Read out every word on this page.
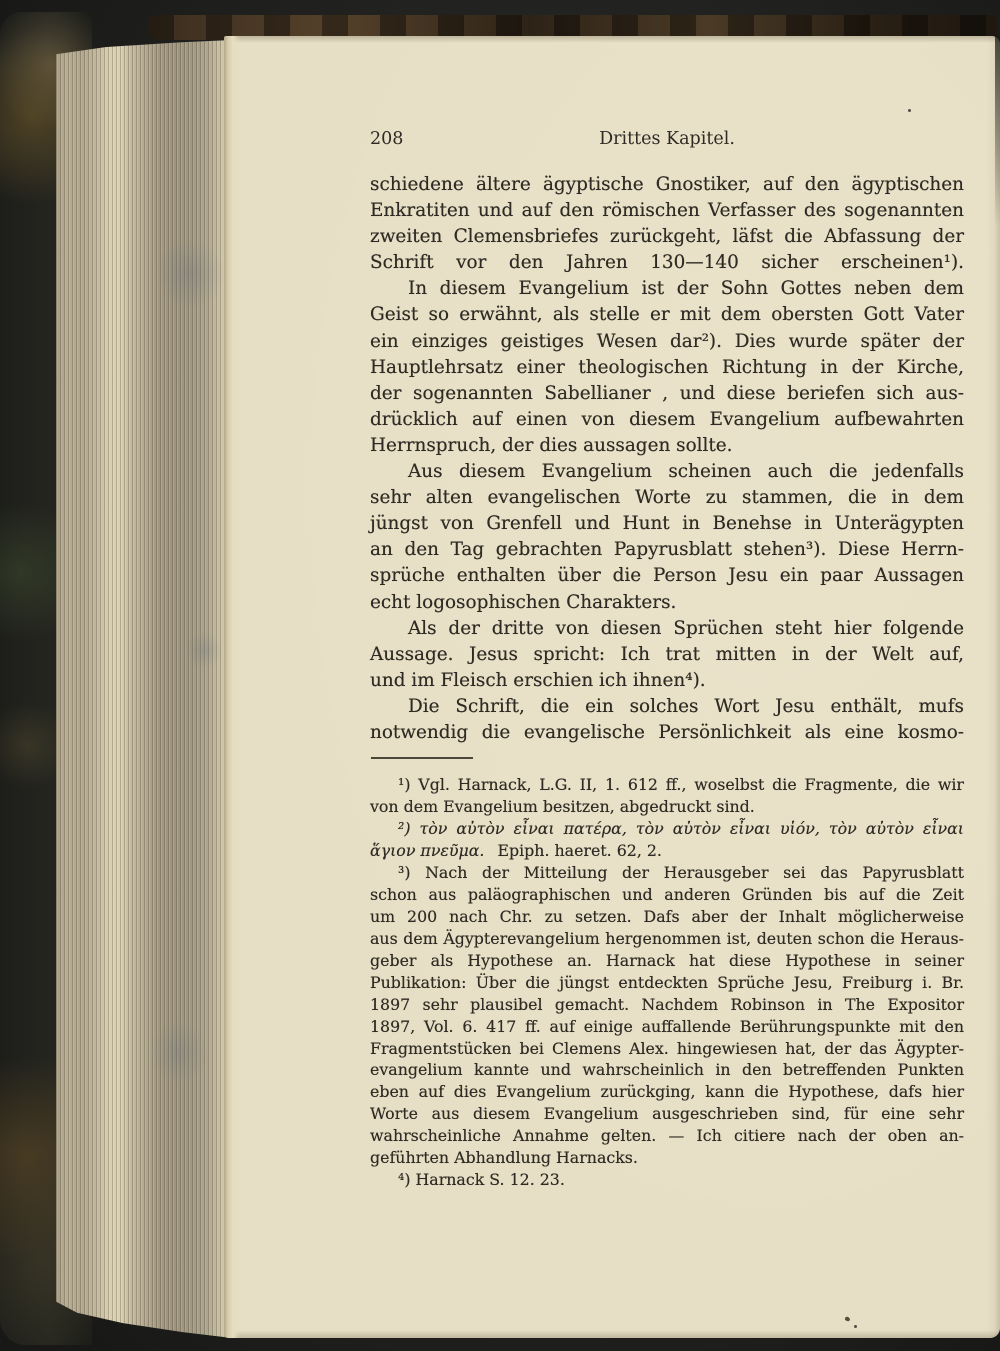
208	Drittes Kapitel.
schiedene ältere ägyptische Gnostiker, auf den ägyptischen
Enkratiten und auf den römischen Verfasser des sogenannten
zweiten Clemensbriefes zurückgeht, läfst die Abfassung der
Schrift vor den Jahren 130—140 sicher erscheinen¹).
In diesem Evangelium ist der Sohn Gottes neben dem
Geist so erwähnt, als stelle er mit dem obersten Gott Vater
ein einziges geistiges Wesen dar²). Dies wurde später der
Hauptlehrsatz einer theologischen Richtung in der Kirche,
der sogenannten Sabellianer , und diese beriefen sich aus-
drücklich auf einen von diesem Evangelium aufbewahrten
Herrnspruch, der dies aussagen sollte.
Aus diesem Evangelium scheinen auch die jedenfalls
sehr alten evangelischen Worte zu stammen, die in dem
jüngst von Grenfell und Hunt in Benehse in Unterägypten
an den Tag gebrachten Papyrusblatt stehen³). Diese Herrn-
sprüche enthalten über die Person Jesu ein paar Aussagen
echt logosophischen Charakters.
Als der dritte von diesen Sprüchen steht hier folgende
Aussage. Jesus spricht: Ich trat mitten in der Welt auf,
und im Fleisch erschien ich ihnen⁴).
Die Schrift, die ein solches Wort Jesu enthält, mufs
notwendig die evangelische Persönlichkeit als eine kosmo-
¹) Vgl. Harnack, L.G. II, 1. 612 ff., woselbst die Fragmente, die wir
von dem Evangelium besitzen, abgedruckt sind.
²) τὸν αὐτὸν εἶναι πατέρα, τὸν αὐτὸν εἶναι υἱόν, τὸν αὐτὸν εἶναι
ἅγιον πνεῦμα. Epiph. haeret. 62, 2.
³) Nach der Mitteilung der Herausgeber sei das Papyrusblatt
schon aus paläographischen und anderen Gründen bis auf die Zeit
um 200 nach Chr. zu setzen. Dafs aber der Inhalt möglicherweise
aus dem Ägypterevangelium hergenommen ist, deuten schon die Heraus-
geber als Hypothese an. Harnack hat diese Hypothese in seiner
Publikation: Über die jüngst entdeckten Sprüche Jesu, Freiburg i. Br.
1897 sehr plausibel gemacht. Nachdem Robinson in The Expositor
1897, Vol. 6. 417 ff. auf einige auffallende Berührungspunkte mit den
Fragmentstücken bei Clemens Alex. hingewiesen hat, der das Ägypter-
evangelium kannte und wahrscheinlich in den betreffenden Punkten
eben auf dies Evangelium zurückging, kann die Hypothese, dafs hier
Worte aus diesem Evangelium ausgeschrieben sind, für eine sehr
wahrscheinliche Annahme gelten. — Ich citiere nach der oben an-
geführten Abhandlung Harnacks.
⁴) Harnack S. 12. 23.
